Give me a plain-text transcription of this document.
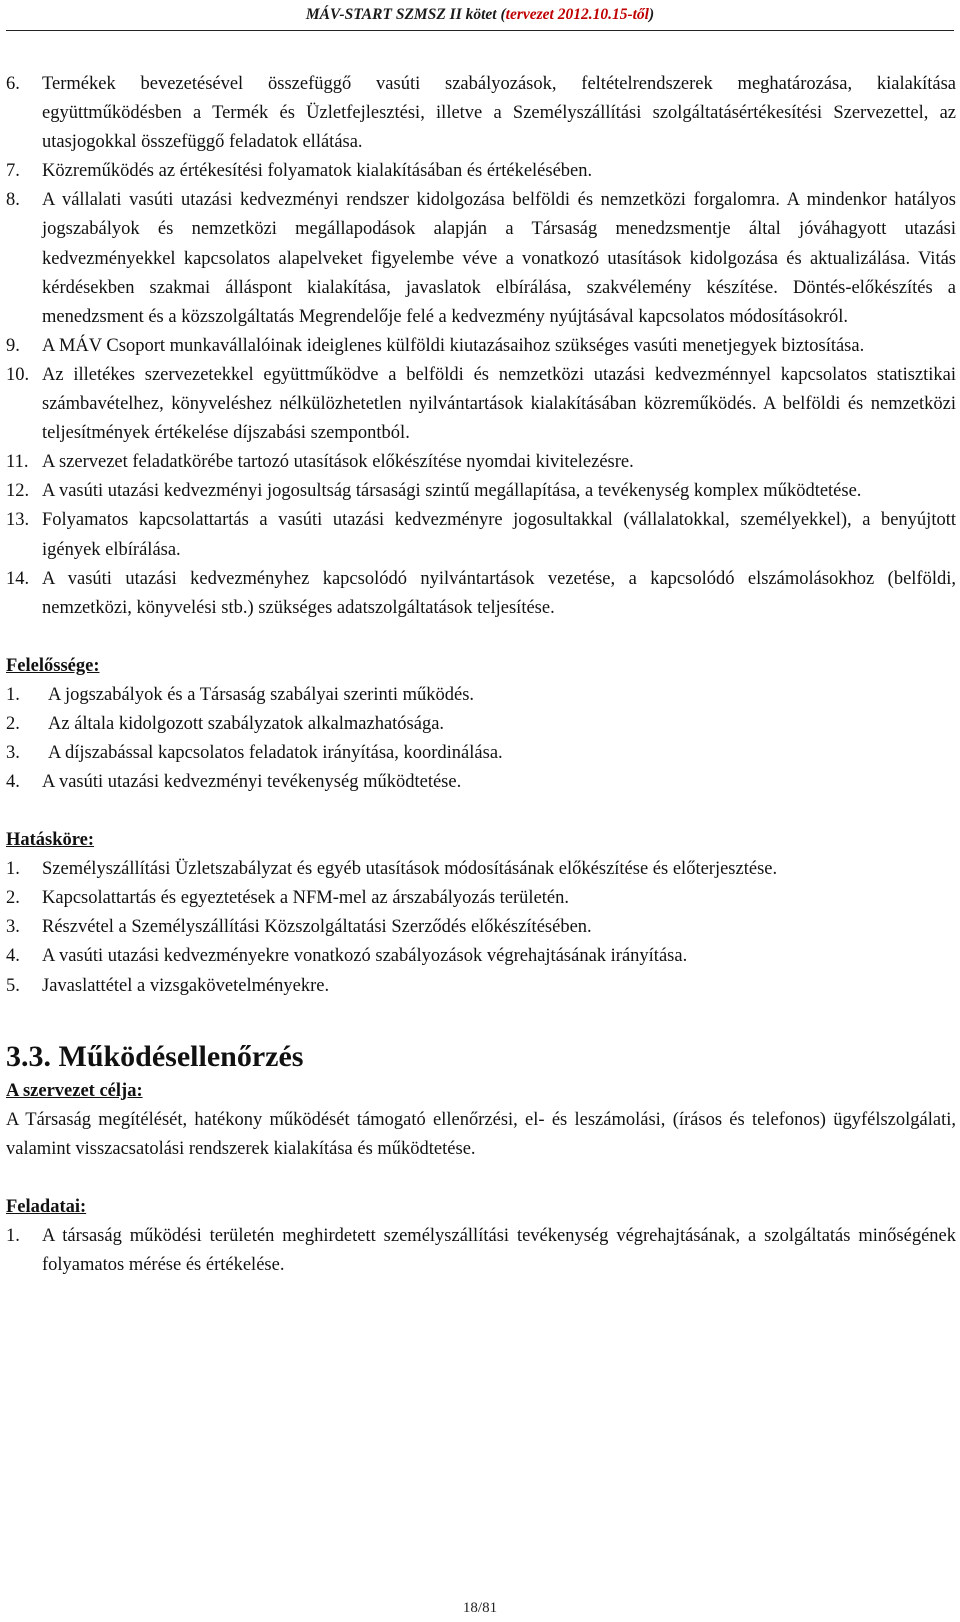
MÁV-START SZMSZ II kötet (tervezet 2012.10.15-től)
6.	Termékek bevezetésével összefüggő vasúti szabályozások, feltételrendszerek meghatározása, kialakítása együttműködésben a Termék és Üzletfejlesztési, illetve a Személyszállítási szolgáltatásértékesítési Szervezettel, az utasjogokkal összefüggő feladatok ellátása.
7.	Közreműködés az értékesítési folyamatok kialakításában és értékelésében.
8.	A vállalati vasúti utazási kedvezményi rendszer kidolgozása belföldi és nemzetközi forgalomra. A mindenkor hatályos jogszabályok és nemzetközi megállapodások alapján a Társaság menedzsmentje által jóváhagyott utazási kedvezményekkel kapcsolatos alapelveket figyelembe véve a vonatkozó utasítások kidolgozása és aktualizálása. Vitás kérdésekben szakmai álláspont kialakítása, javaslatok elbírálása, szakvélemény készítése. Döntés-előkészítés a menedzsment és a közszolgáltatás Megrendelője felé a kedvezmény nyújtásával kapcsolatos módosításokról.
9.	A MÁV Csoport munkavállalóinak ideiglenes külföldi kiutazásaihoz szükséges vasúti menetjegyek biztosítása.
10. Az illetékes szervezetekkel együttműködve a belföldi és nemzetközi utazási kedvezménnyel kapcsolatos statisztikai számbavételhez, könyveléshez nélkülözhetetlen nyilvántartások kialakításában közreműködés. A belföldi és nemzetközi teljesítmények értékelése díjszabási szempontból.
11. A szervezet feladatkörébe tartozó utasítások előkészítése nyomdai kivitelezésre.
12. A vasúti utazási kedvezményi jogosultság társasági szintű megállapítása, a tevékenység komplex működtetése.
13. Folyamatos kapcsolattartás a vasúti utazási kedvezményre jogosultakkal (vállalatokkal, személyekkel), a benyújtott igények elbírálása.
14. A vasúti utazási kedvezményhez kapcsolódó nyilvántartások vezetése, a kapcsolódó elszámolásokhoz (belföldi, nemzetközi, könyvelési stb.) szükséges adatszolgáltatások teljesítése.
Felelőssége:
1.	A jogszabályok és a Társaság szabályai szerinti működés.
2.	Az általa kidolgozott szabályzatok alkalmazhatósága.
3.	A díjszabással kapcsolatos feladatok irányítása, koordinálása.
4.	A vasúti utazási kedvezményi tevékenység működtetése.
Hatásköre:
1.	Személyszállítási Üzletszabályzat és egyéb utasítások módosításának előkészítése és előterjesztése.
2.	Kapcsolattartás és egyeztetések a NFM-mel az árszabályozás területén.
3.	Részvétel a Személyszállítási Közszolgáltatási Szerződés előkészítésében.
4.	A vasúti utazási kedvezményekre vonatkozó szabályozások végrehajtásának irányítása.
5.	Javaslattétel a vizsgakövetelményekre.
3.3. Működésellenőrzés
A szervezet célja:

A Társaság megítélését, hatékony működését támogató ellenőrzési, el- és leszámolási, (írásos és telefonos) ügyfélszolgálati, valamint visszacsatolási rendszerek kialakítása és működtetése.

Feladatai:
1.	A társaság működési területén meghirdetett személyszállítási tevékenység végrehajtásának, a szolgáltatás minőségének folyamatos mérése és értékelése.
18/81
